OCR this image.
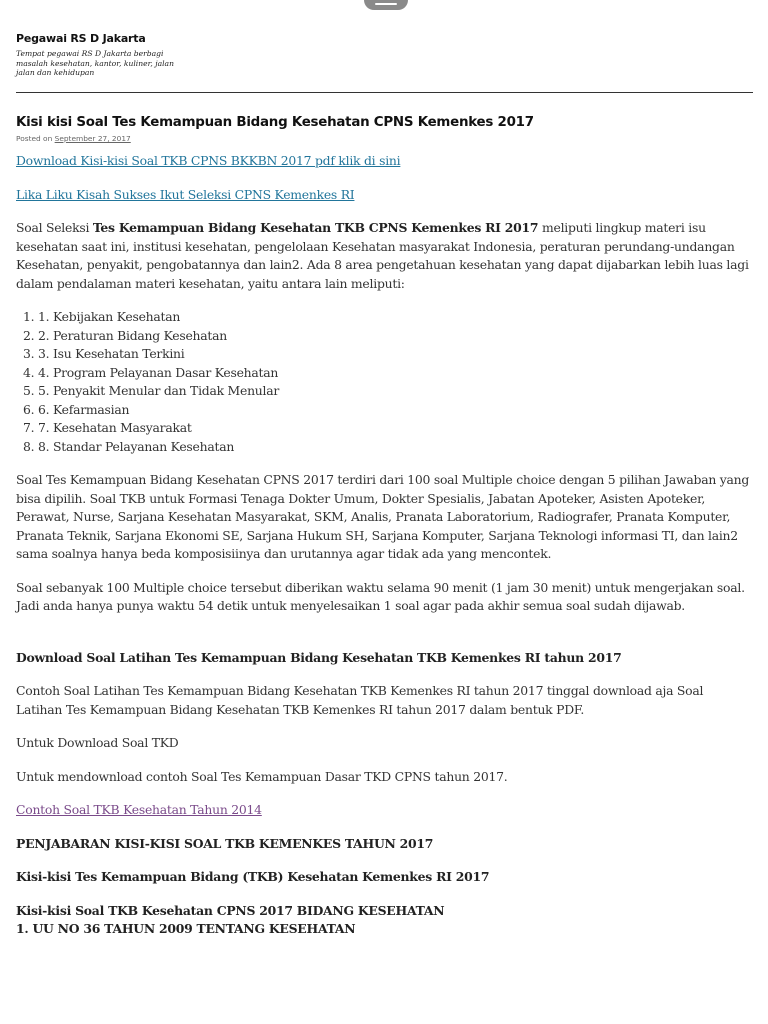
Pegawai RS D Jakarta
Tempat pegawai RS D Jakarta berbagi masalah kesehatan, kantor, kuliner, jalan jalan dan kehidupan
Kisi kisi Soal Tes Kemampuan Bidang Kesehatan CPNS Kemenkes 2017
Posted on September 27, 2017

Download Kisi-kisi Soal TKB CPNS BKKBN 2017 pdf klik di sini

Lika Liku Kisah Sukses Ikut Seleksi CPNS Kemenkes RI

Soal Seleksi Tes Kemampuan Bidang Kesehatan TKB CPNS Kemenkes RI 2017 meliputi lingkup materi isu kesehatan saat ini, institusi kesehatan, pengelolaan Kesehatan masyarakat Indonesia, peraturan perundang-undangan Kesehatan, penyakit, pengobatannya dan lain2. Ada 8 area pengetahuan kesehatan yang dapat dijabarkan lebih luas lagi dalam pendalaman materi kesehatan, yaitu antara lain meliputi:

1. 1. Kebijakan Kesehatan
2. 2. Peraturan Bidang Kesehatan
3. 3. Isu Kesehatan Terkini
4. 4. Program Pelayanan Dasar Kesehatan
5. 5. Penyakit Menular dan Tidak Menular
6. 6. Kefarmasian
7. 7. Kesehatan Masyarakat
8. 8. Standar Pelayanan Kesehatan

Soal Tes Kemampuan Bidang Kesehatan CPNS 2017 terdiri dari 100 soal Multiple choice dengan 5 pilihan Jawaban yang bisa dipilih. Soal TKB untuk Formasi Tenaga Dokter Umum, Dokter Spesialis, Jabatan Apoteker, Asisten Apoteker, Perawat, Nurse, Sarjana Kesehatan Masyarakat, SKM, Analis, Pranata Laboratorium, Radiografer, Pranata Komputer, Pranata Teknik, Sarjana Ekonomi SE, Sarjana Hukum SH, Sarjana Komputer, Sarjana Teknologi informasi TI, dan lain2 sama soalnya hanya beda komposisiinya dan urutannya agar tidak ada yang mencontek.

Soal sebanyak 100 Multiple choice tersebut diberikan waktu selama 90 menit (1 jam 30 menit) untuk mengerjakan soal. Jadi anda hanya punya waktu 54 detik untuk menyelesaikan 1 soal agar pada akhir semua soal sudah dijawab.

Download Soal Latihan Tes Kemampuan Bidang Kesehatan TKB Kemenkes RI tahun 2017

Contoh Soal Latihan Tes Kemampuan Bidang Kesehatan TKB Kemenkes RI tahun 2017 tinggal download aja Soal Latihan Tes Kemampuan Bidang Kesehatan TKB Kemenkes RI tahun 2017 dalam bentuk PDF.

Untuk Download Soal TKD

Untuk mendownload contoh Soal Tes Kemampuan Dasar TKD CPNS tahun 2017.

Contoh Soal TKB Kesehatan Tahun 2014

PENJABARAN KISI-KISI SOAL TKB KEMENKES TAHUN 2017

Kisi-kisi Tes Kemampuan Bidang (TKB) Kesehatan Kemenkes RI 2017

Kisi-kisi Soal TKB Kesehatan CPNS 2017 BIDANG KESEHATAN

1. UU NO 36 TAHUN 2009 TENTANG KESEHATAN
